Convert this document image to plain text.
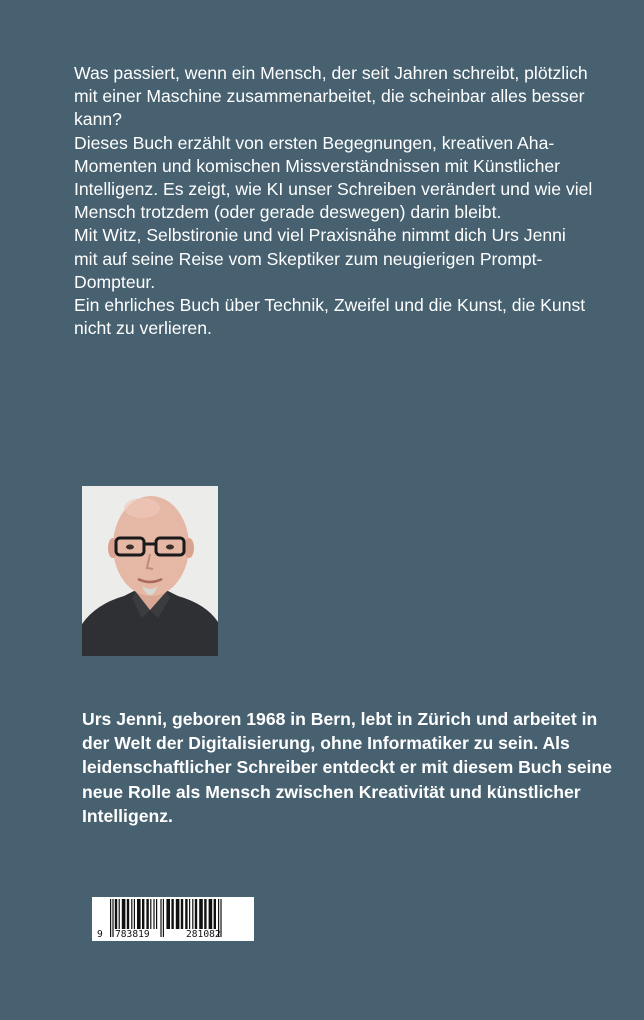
Was passiert, wenn ein Mensch, der seit Jahren schreibt, plötzlich mit einer Maschine zusammenarbeitet, die scheinbar alles besser kann?

Dieses Buch erzählt von ersten Begegnungen, kreativen Aha- Momenten und komischen Missverständnissen mit Künstlicher Intelligenz. Es zeigt, wie KI unser Schreiben verändert und wie viel Mensch trotzdem (oder gerade deswegen) darin bleibt.

Mit Witz, Selbstironie und viel Praxisnähe nimmt dich Urs Jenni mit auf seine Reise vom Skeptiker zum neugierigen Prompt-Dompteur.

Ein ehrliches Buch über Technik, Zweifel und die Kunst, die Kunst nicht zu verlieren.

Urs Jenni, geboren 1968 in Bern, lebt in Zürich und arbeitet in der Welt der Digitalisierung, ohne Informatiker zu sein. Als leidenschaftlicher Schreiber entdeckt er mit diesem Buch seine neue Rolle als Mensch zwischen Kreativität und künstlicher Intelligenz.
9 783819	281082
